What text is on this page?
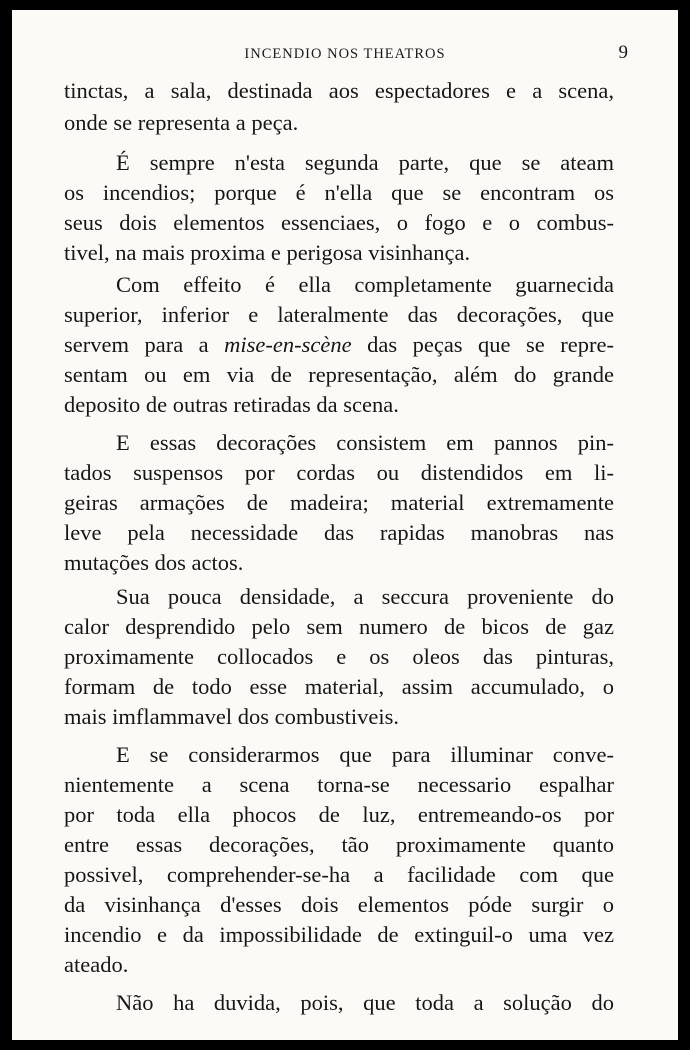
INCENDIO NOS THEATROS	9
tinctas, a sala, destinada aos espectadores e a scena,
onde se representa a peça.
É sempre n'esta segunda parte, que se ateam
os incendios; porque é n'ella que se encontram os
seus dois elementos essenciaes, o fogo e o combus-
tivel, na mais proxima e perigosa visinhança.
Com effeito é ella completamente guarnecida
superior, inferior e lateralmente das decorações, que
servem para a mise-en-scène das peças que se repre-
sentam ou em via de representação, além do grande
deposito de outras retiradas da scena.
E essas decorações consistem em pannos pin-
tados suspensos por cordas ou distendidos em li-
geiras armações de madeira; material extremamente
leve pela necessidade das rapidas manobras nas
mutações dos actos.
Sua pouca densidade, a seccura proveniente do
calor desprendido pelo sem numero de bicos de gaz
proximamente collocados e os oleos das pinturas,
formam de todo esse material, assim accumulado, o
mais imflammavel dos combustiveis.
E se considerarmos que para illuminar conve-
nientemente a scena torna-se necessario espalhar
por toda ella phocos de luz, entremeando-os por
entre essas decorações, tão proximamente quanto
possivel, comprehender-se-ha a facilidade com que
da visinhança d'esses dois elementos póde surgir o
incendio e da impossibilidade de extinguil-o uma vez
ateado.
Não ha duvida, pois, que toda a solução do
